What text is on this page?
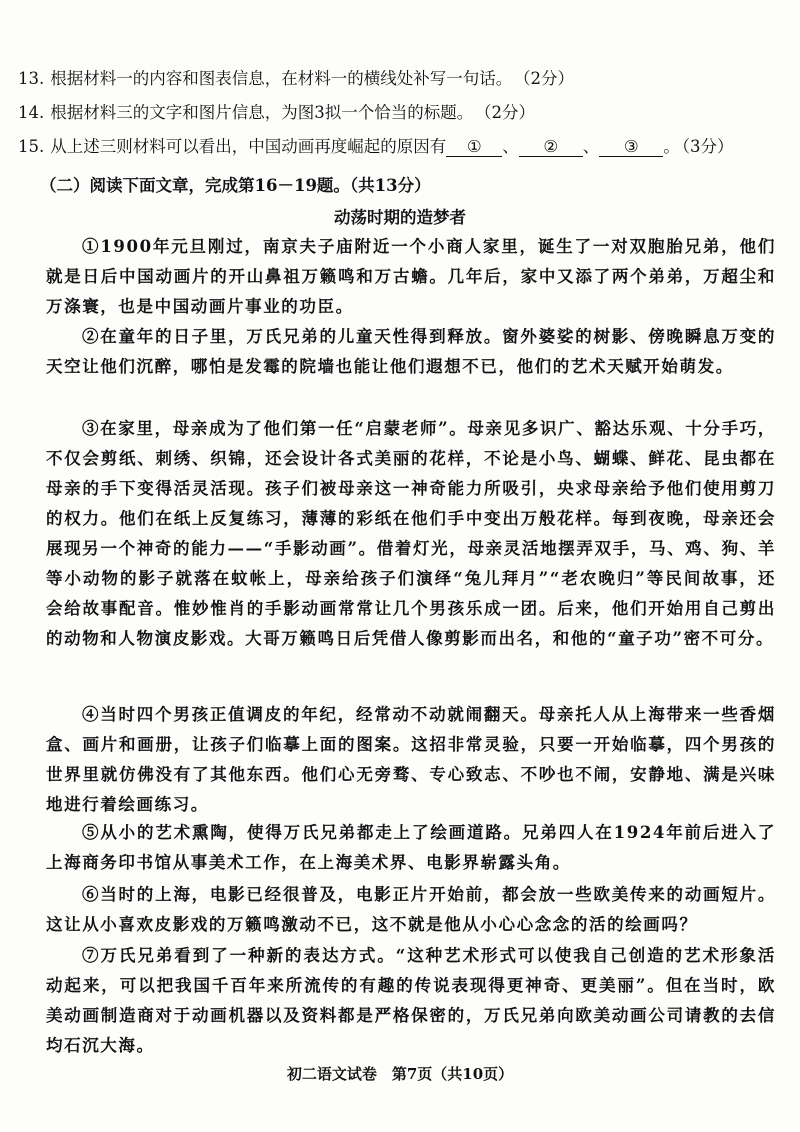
13. 根据材料一的内容和图表信息，在材料一的横线处补写一句话。 （2分）
14. 根据材料三的文字和图片信息，为图3拟一个恰当的标题。 （2分）
15. 从上述三则材料可以看出，中国动画再度崛起的原因有 ① 、 ② 、 ③ 。 （3分）
（二）阅读下面文章，完成第16－19题。（共13分）
动荡时期的造梦者
①1900年元旦刚过，南京夫子庙附近一个小商人家里，诞生了一对双胞胎兄弟，他们就是日后中国动画片的开山鼻祖万籁鸣和万古蟾。几年后，家中又添了两个弟弟，万超尘和万涤寰，也是中国动画片事业的功臣。
②在童年的日子里，万氏兄弟的儿童天性得到释放。窗外婆娑的树影、傍晚瞬息万变的天空让他们沉醉，哪怕是发霉的院墙也能让他们遐想不已，他们的艺术天赋开始萌发。
③在家里，母亲成为了他们第一任“启蒙老师”。母亲见多识广、豁达乐观、十分手巧，不仅会剪纸、刺绣、织锦，还会设计各式美丽的花样，不论是小鸟、蝴蝶、鲜花、昆虫都在母亲的手下变得活灵活现。孩子们被母亲这一神奇能力所吸引，央求母亲给予他们使用剪刀的权力。他们在纸上反复练习，薄薄的彩纸在他们手中变出万般花样。每到夜晚，母亲还会展现另一个神奇的能力——“手影动画”。借着灯光，母亲灵活地摆弄双手，马、鸡、狗、羊等小动物的影子就落在蚊帐上，母亲给孩子们演绎“兔儿拜月”“老农晚归”等民间故事，还会给故事配音。惟妙惟肖的手影动画常常让几个男孩乐成一团。后来，他们开始用自己剪出的动物和人物演皮影戏。大哥万籁鸣日后凭借人像剪影而出名，和他的“童子功”密不可分。
④当时四个男孩正值调皮的年纪，经常动不动就闹翻天。母亲托人从上海带来一些香烟盒、画片和画册，让孩子们临摹上面的图案。这招非常灵验，只要一开始临摹，四个男孩的世界里就仿佛没有了其他东西。他们心无旁骛、专心致志、不吵也不闹，安静地、满是兴味地进行着绘画练习。
⑤从小的艺术熏陶，使得万氏兄弟都走上了绘画道路。兄弟四人在1924年前后进入了上海商务印书馆从事美术工作，在上海美术界、电影界崭露头角。
⑥当时的上海，电影已经很普及，电影正片开始前，都会放一些欧美传来的动画短片。这让从小喜欢皮影戏的万籁鸣激动不已，这不就是他从小心心念念的活的绘画吗？
⑦万氏兄弟看到了一种新的表达方式。“这种艺术形式可以使我自己创造的艺术形象活动起来，可以把我国千百年来所流传的有趣的传说表现得更神奇、更美丽”。但在当时，欧美动画制造商对于动画机器以及资料都是严格保密的，万氏兄弟向欧美动画公司请教的去信均石沉大海。
初二语文试卷　第7页（共10页）
